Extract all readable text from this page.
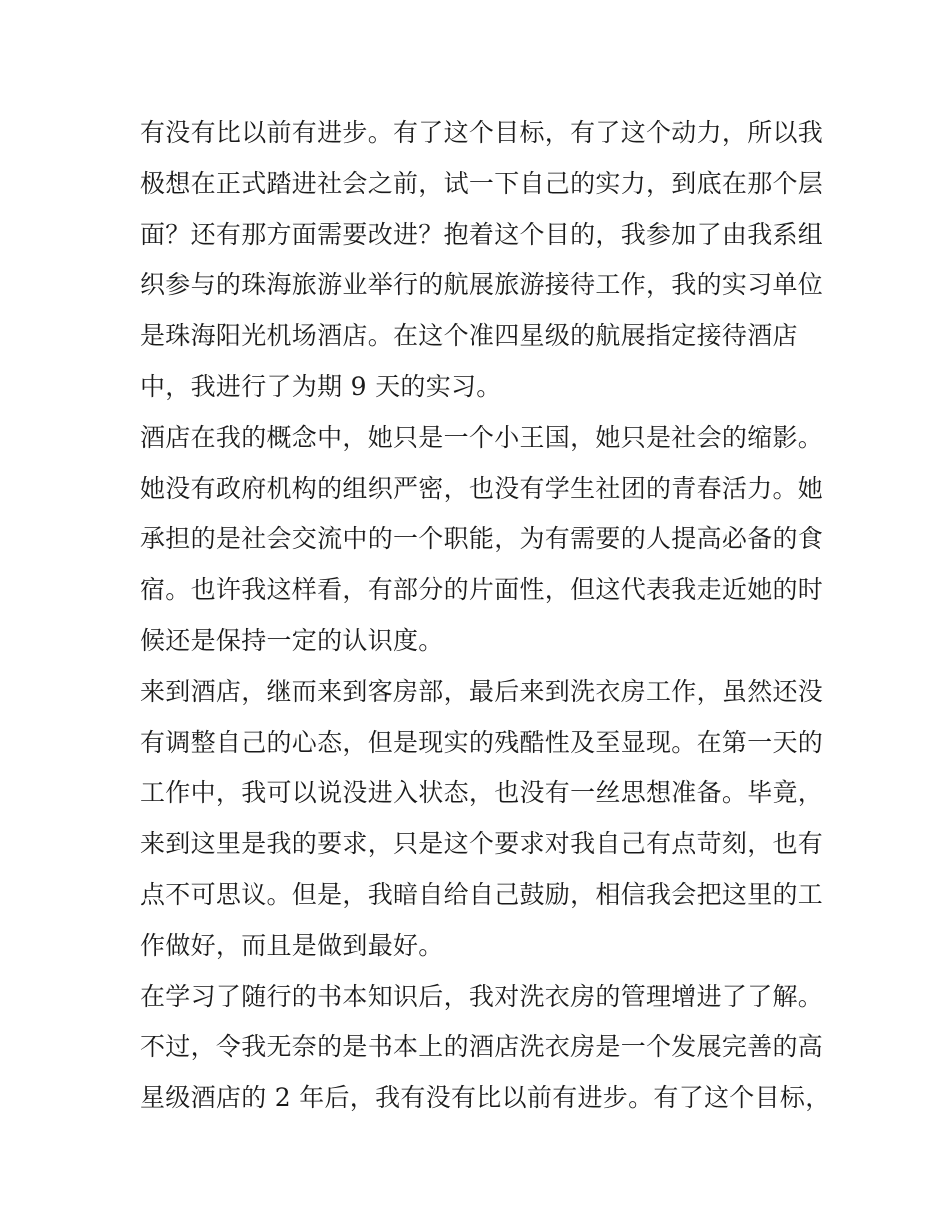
有没有比以前有进步。有了这个目标，有了这个动力，所以我
极想在正式踏进社会之前，试一下自己的实力，到底在那个层
面？还有那方面需要改进？抱着这个目的，我参加了由我系组
织参与的珠海旅游业举行的航展旅游接待工作，我的实习单位
是珠海阳光机场酒店。在这个准四星级的航展指定接待酒店
中，我进行了为期 9 天的实习。
酒店在我的概念中，她只是一个小王国，她只是社会的缩影。
她没有政府机构的组织严密，也没有学生社团的青春活力。她
承担的是社会交流中的一个职能，为有需要的人提高必备的食
宿。也许我这样看，有部分的片面性，但这代表我走近她的时
候还是保持一定的认识度。
来到酒店，继而来到客房部，最后来到洗衣房工作，虽然还没
有调整自己的心态，但是现实的残酷性及至显现。在第一天的
工作中，我可以说没进入状态，也没有一丝思想准备。毕竟，
来到这里是我的要求，只是这个要求对我自己有点苛刻，也有
点不可思议。但是，我暗自给自己鼓励，相信我会把这里的工
作做好，而且是做到最好。
在学习了随行的书本知识后，我对洗衣房的管理增进了了解。
不过，令我无奈的是书本上的酒店洗衣房是一个发展完善的高
星级酒店的 2 年后，我有没有比以前有进步。有了这个目标，
